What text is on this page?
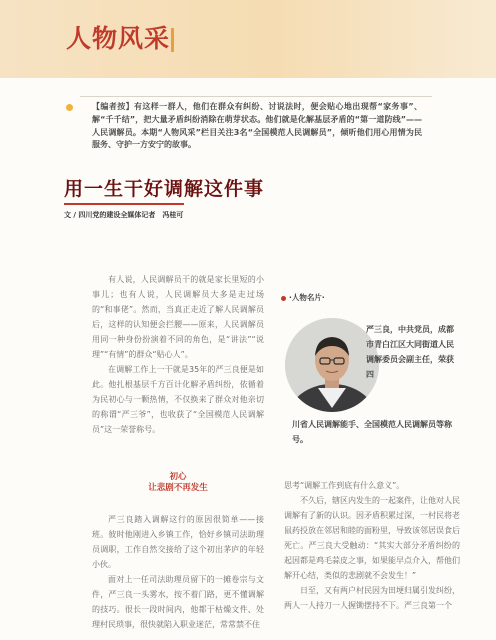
人物风采
【编者按】有这样一群人，他们在群众有纠纷、讨说法时，便会贴心地出现帮“家务事”、解“千千结”，把大量矛盾纠纷消除在萌芽状态。他们就是化解基层矛盾的“第一道防线”——人民调解员。本期“人物风采”栏目关注3名“全国模范人民调解员”，倾听他们用心用情为民服务、守护一方安宁的故事。
用一生干好调解这件事
文 / 四川党的建设全媒体记者　冯桂可

有人说，人民调解员干的就是家长里短的小事儿；也有人说，人民调解员大多是走过场的“和事佬”。然而，当真正走近了解人民调解员后，这样的认知便会拦腰——原来，人民调解员用同一种身份扮演着不同的角色，是“讲法”“说理”“有情”的群众“贴心人”。

在调解工作上一干就是35年的严三良便是如此。他扎根基层千方百计化解矛盾纠纷，依循着为民初心与一颗热情，不仅换来了群众对他亲切的称谓“严三爷”，也收获了“全国模范人民调解员”这一荣誉称号。

初心
让悲剧不再发生

严三良踏入调解这行的原因很简单——接班。彼时他刚进入乡镇工作，恰好乡镇司法助理员调职，工作自然交接给了这个初出茅庐的年轻小伙。

面对上一任司法助理员留下的一摊卷宗与文件，严三良一头雾水，按不着门路，更不懂调解的技巧。很长一段时间内，他都于枯燥文件、处理村民琐事，很快就陷入职业迷茫，常常禁不住

·人物名片·
严三良，中共党员，成都市青白江区大同街道人民调解委员会副主任，荣获四
川省人民调解能手、全国模范人民调解员等称号。

思考“调解工作到底有什么意义”。

不久后，辖区内发生的一起案件，让他对人民调解有了新的认识。因矛盾积累过深，一村民将老鼠药投放在邻居和睦的面粉里，导致该邻居误食后死亡。严三良大受触动：“其实大部分矛盾纠纷的起因都是鸡毛蒜皮之事，如果能早点介入，帮他们解开心结，类似的悲剧就不会发生！”

日至，又有两户村民因为田埂归属引发纠纷，两人一人持刀一人握锄摆持不下。严三良第一个
